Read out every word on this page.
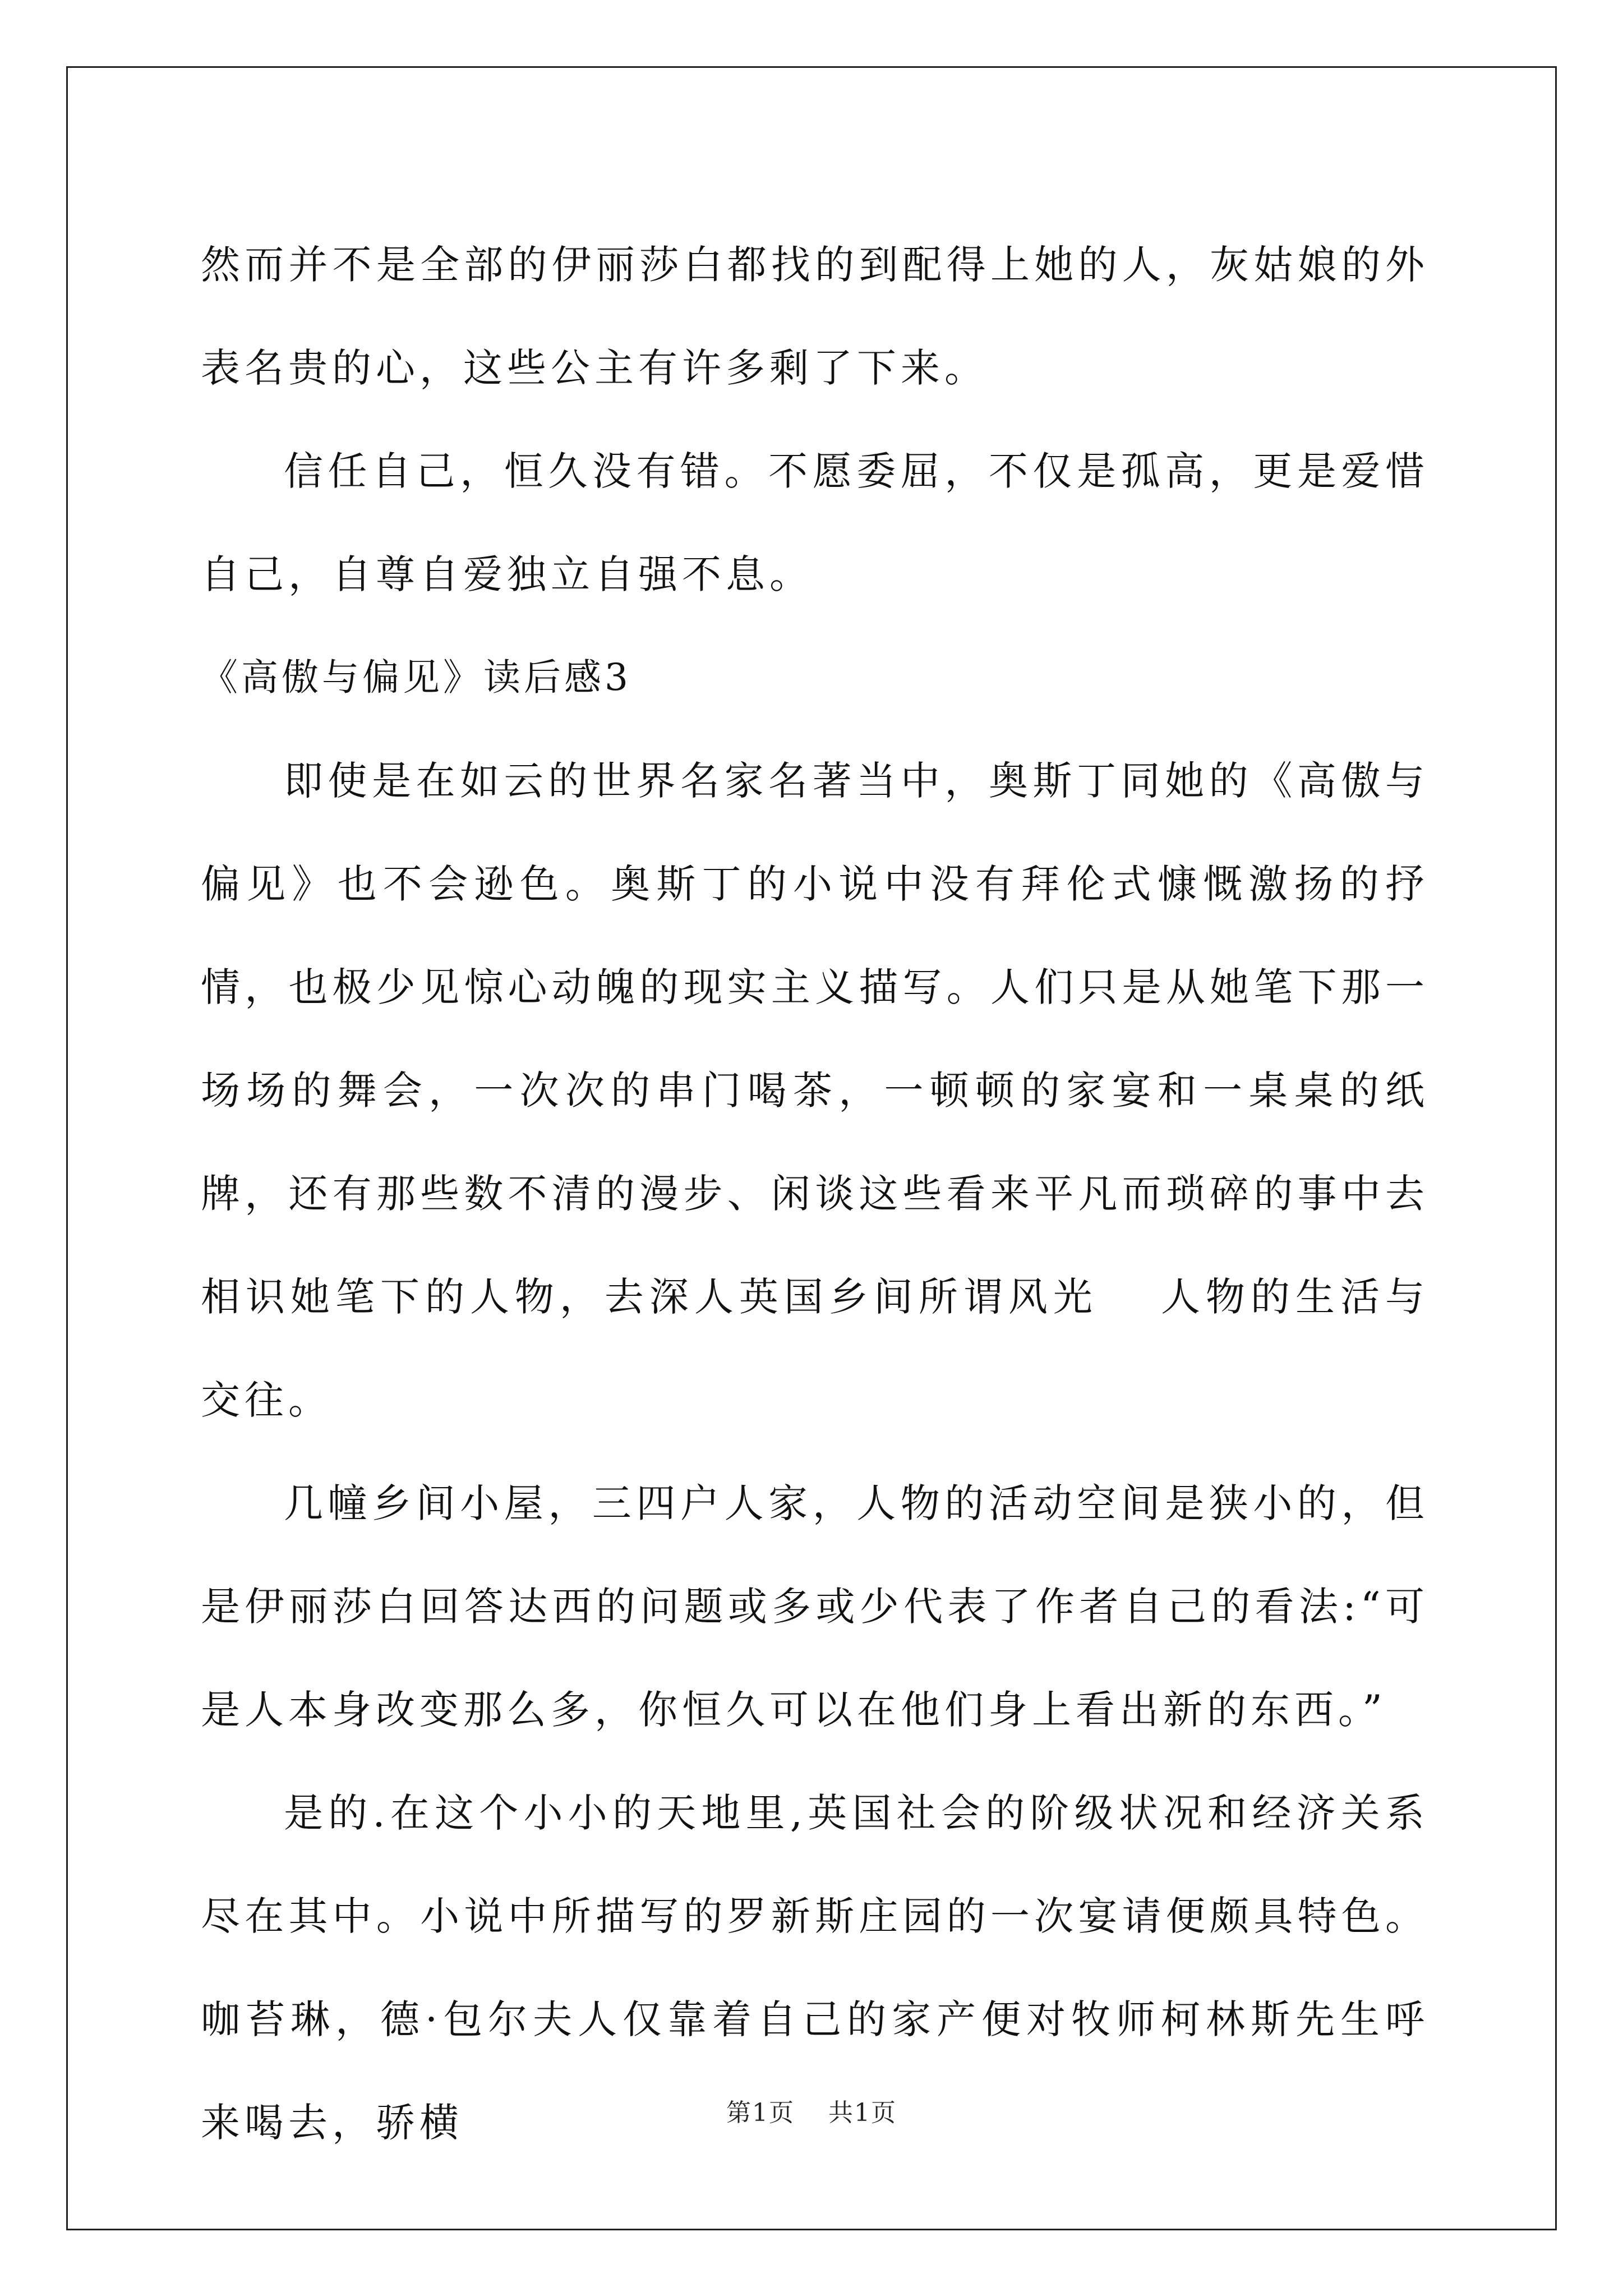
然而并不是全部的伊丽莎白都找的到配得上她的人，灰姑娘的外表名贵的心，这些公主有许多剩了下来。

信任自己，恒久没有错。不愿委屈，不仅是孤高，更是爱惜自己，自尊自爱独立自强不息。

《高傲与偏见》读后感3

即使是在如云的世界名家名著当中，奥斯丁同她的《高傲与偏见》也不会逊色。奥斯丁的小说中没有拜伦式慷慨激扬的抒情，也极少见惊心动魄的现实主义描写。人们只是从她笔下那一场场的舞会，一次次的串门喝茶，一顿顿的家宴和一桌桌的纸牌，还有那些数不清的漫步、闲谈这些看来平凡而琐碎的事中去相识她笔下的人物，去深人英国乡间所谓风光　 人物的生活与交往。

几幢乡间小屋，三四户人家，人物的活动空间是狭小的，但是伊丽莎白回答达西的问题或多或少代表了作者自己的看法:“可是人本身改变那么多，你恒久可以在他们身上看出新的东西。”

是的.在这个小小的天地里,英国社会的阶级状况和经济关系尽在其中。小说中所描写的罗新斯庄园的一次宴请便颇具特色。咖苔琳，德·包尔夫人仅靠着自己的家产便对牧师柯林斯先生呼来喝去，骄横	第1页 共1页
